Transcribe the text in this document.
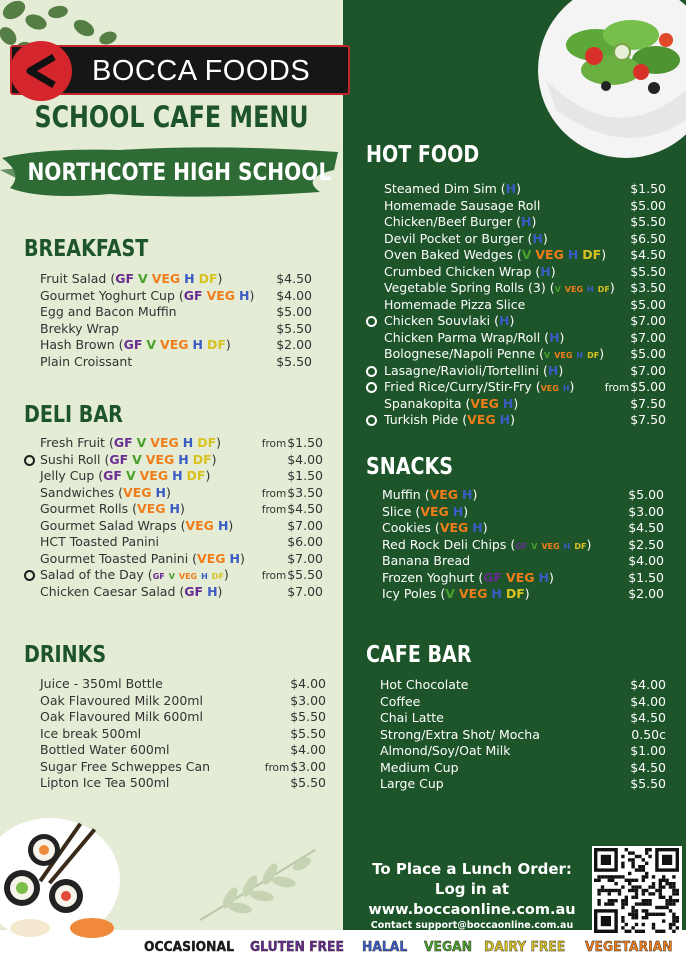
BOCCA FOODS
SCHOOL CAFE MENU
NORTHCOTE HIGH SCHOOL
BREAKFAST
Fruit Salad (GF V VEG H DF)	$4.50
Gourmet Yoghurt Cup (GF VEG H) $4.00
Egg and Bacon Muffin	$5.00
Brekky Wrap	$5.50
Hash Brown (GF V VEG H DF)	$2.00
Plain Croissant	$5.50
DELI BAR
Fresh Fruit (GF V VEG H DF)	from$1.50
Sushi Roll (GF V VEG H DF)	$4.00
Jelly Cup (GF V VEG H DF)	$1.50
Sandwiches (VEG H)	from$3.50
Gourmet Rolls (VEG H)	from$4.50
Gourmet Salad Wraps (VEG H)	$7.00
HCT Toasted Panini	$6.00
Gourmet Toasted Panini (VEG H)	$7.00
Salad of the Day (GF V VEG H DF)	from$5.50
Chicken Caesar Salad (GF H)	$7.00
DRINKS
Juice - 350ml Bottle	$4.00
Oak Flavoured Milk 200ml	$3.00
Oak Flavoured Milk 600ml	$5.50
Ice break 500ml	$5.50
Bottled Water 600ml	$4.00
Sugar Free Schweppes Can	from$3.00
Lipton Ice Tea 500ml	$5.50
HOT FOOD
Steamed Dim Sim (H)	$1.50
Homemade Sausage Roll	$5.00
Chicken/Beef Burger (H)	$5.50
Devil Pocket or Burger (H)	$6.50
Oven Baked Wedges (V VEG H DF) $4.50
Crumbed Chicken Wrap (H)	$5.50
Vegetable Spring Rolls (3) (V VEG H DF) $3.50
Homemade Pizza Slice	$5.00
Chicken Souvlaki (H)	$7.00
Chicken Parma Wrap/Roll (H)	$7.00
Bolognese/Napoli Penne (V VEG H DF) $5.00
Lasagne/Ravioli/Tortellini (H)	$7.00
Fried Rice/Curry/Stir-Fry (VEG H)	from$5.00
Spanakopita (VEG H)	$7.50
Turkish Pide (VEG H)	$7.50
SNACKS
Muffin (VEG H)	$5.00
Slice (VEG H)	$3.00
Cookies (VEG H)	$4.50
Red Rock Deli Chips (GF V VEG H DF)	$2.50
Banana Bread	$4.00
Frozen Yoghurt (GF VEG H)	$1.50
Icy Poles (V VEG H DF)	$2.00
CAFE BAR
Hot Chocolate	$4.00
Coffee	$4.00
Chai Latte	$4.50
Strong/Extra Shot/ Mocha	0.50c
Almond/Soy/Oat Milk	$1.00
Medium Cup	$4.50
Large Cup	$5.50
To Place a Lunch Order:
Log in at
www.boccaonline.com.au
Contact support@boccaonline.com.au
OCCASIONAL GLUTEN FREE HALAL VEGAN DAIRY FREE VEGETARIAN
